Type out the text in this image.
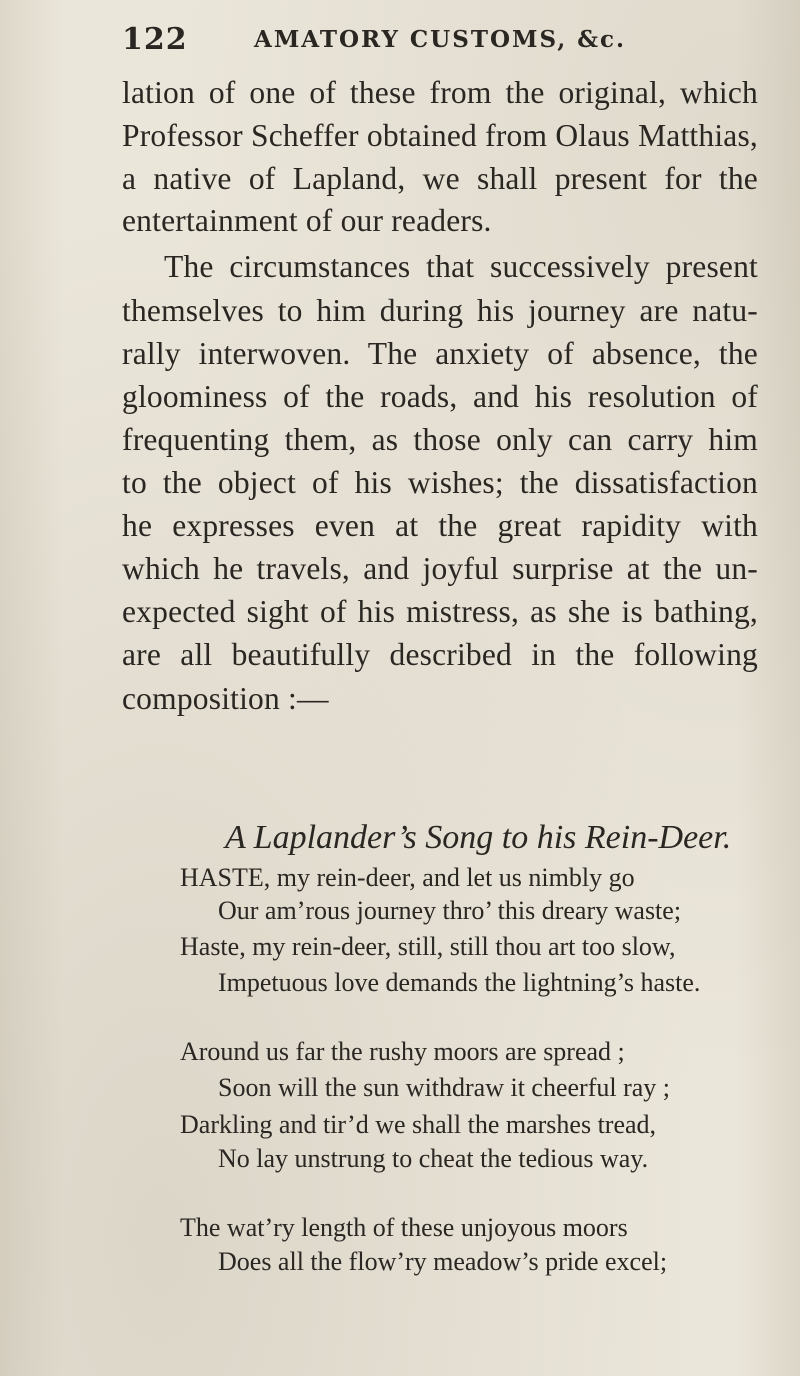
122	AMATORY CUSTOMS, &c.
lation of one of these from the original, which
Professor Scheffer obtained from Olaus Matthias,
a native of Lapland, we shall present for the
entertainment of our readers.
The circumstances that successively present
themselves to him during his journey are natu-
rally interwoven. The anxiety of absence, the
gloominess of the roads, and his resolution of
frequenting them, as those only can carry him
to the object of his wishes; the dissatisfaction
he expresses even at the great rapidity with
which he travels, and joyful surprise at the un-
expected sight of his mistress, as she is bathing,
are all beautifully described in the following
composition :—
A Laplander’s Song to his Rein-Deer.
HASTE, my rein-deer, and let us nimbly go
Our am’rous journey thro’ this dreary waste;
Haste, my rein-deer, still, still thou art too slow,
Impetuous love demands the lightning’s haste.
Around us far the rushy moors are spread ;
Soon will the sun withdraw it cheerful ray ;
Darkling and tir’d we shall the marshes tread,
No lay unstrung to cheat the tedious way.
The wat’ry length of these unjoyous moors
Does all the flow’ry meadow’s pride excel;
